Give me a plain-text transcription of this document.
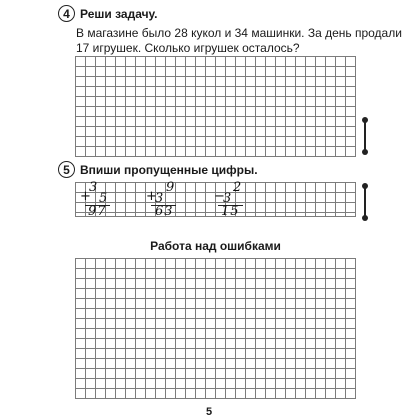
4 Реши задачу.
В магазине было 28 кукол и 34 машинки. За день продали
17 игрушек. Сколько игрушек осталось?
5 Впиши пропущенные цифры.
+
3
5
97
+
9
3
63
−
2
3
15
Работа над ошибками
5
